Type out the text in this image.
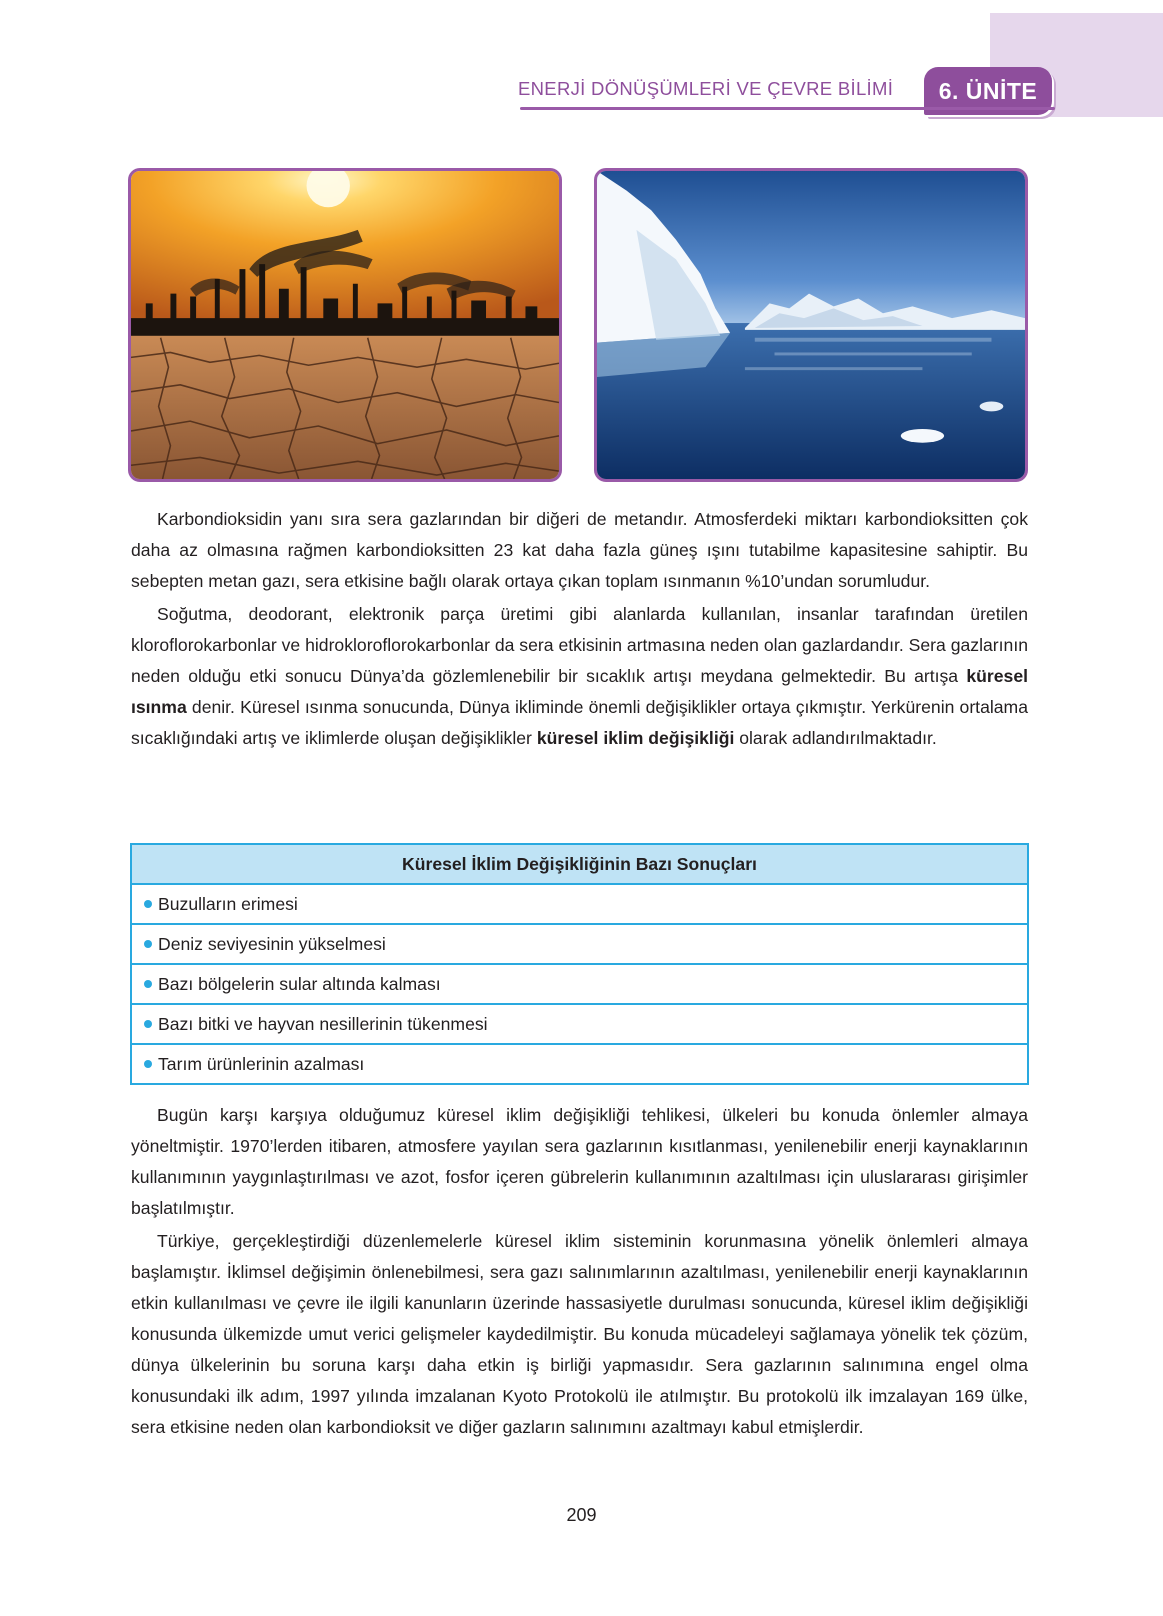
ENERJİ DÖNÜŞÜMLERİ VE ÇEVRE BİLİMİ	6. ÜNİTE

Karbondioksidin yanı sıra sera gazlarından bir diğeri de metandır. Atmosferdeki miktarı karbondioksitten çok daha az olmasına rağmen karbondioksitten 23 kat daha fazla güneş ışını tutabilme kapasitesine sahiptir. Bu sebepten metan gazı, sera etkisine bağlı olarak ortaya çıkan toplam ısınmanın %10’undan sorumludur.

Soğutma, deodorant, elektronik parça üretimi gibi alanlarda kullanılan, insanlar tarafından üretilen kloroflorokarbonlar ve hidrokloroflorokarbonlar da sera etkisinin artmasına neden olan gazlardandır. Sera gazlarının neden olduğu etki sonucu Dünya’da gözlemlenebilir bir sıcaklık artışı meydana gelmektedir. Bu artışa küresel ısınma denir. Küresel ısınma sonucunda, Dünya ikliminde önemli değişiklikler ortaya çıkmıştır. Yerkürenin ortalama sıcaklığındaki artış ve iklimlerde oluşan değişiklikler küresel iklim değişikliği olarak adlandırılmaktadır.

Küresel İklim Değişikliğinin Bazı Sonuçları
Buzulların erimesi
Deniz seviyesinin yükselmesi
Bazı bölgelerin sular altında kalması
Bazı bitki ve hayvan nesillerinin tükenmesi
Tarım ürünlerinin azalması

Bugün karşı karşıya olduğumuz küresel iklim değişikliği tehlikesi, ülkeleri bu konuda önlemler almaya yöneltmiştir. 1970’lerden itibaren, atmosfere yayılan sera gazlarının kısıtlanması, yenilenebilir enerji kaynaklarının kullanımının yaygınlaştırılması ve azot, fosfor içeren gübrelerin kullanımının azaltılması için uluslararası girişimler başlatılmıştır.

Türkiye, gerçekleştirdiği düzenlemelerle küresel iklim sisteminin korunmasına yönelik önlemleri almaya başlamıştır. İklimsel değişimin önlenebilmesi, sera gazı salınımlarının azaltılması, yenilenebilir enerji kaynaklarının etkin kullanılması ve çevre ile ilgili kanunların üzerinde hassasiyetle durulması sonucunda, küresel iklim değişikliği konusunda ülkemizde umut verici gelişmeler kaydedilmiştir. Bu konuda mücadeleyi sağlamaya yönelik tek çözüm, dünya ülkelerinin bu soruna karşı daha etkin iş birliği yapmasıdır. Sera gazlarının salınımına engel olma konusundaki ilk adım, 1997 yılında imzalanan Kyoto Protokolü ile atılmıştır. Bu protokolü ilk imzalayan 169 ülke, sera etkisine neden olan karbondioksit ve diğer gazların salınımını azaltmayı kabul etmişlerdir.

209
